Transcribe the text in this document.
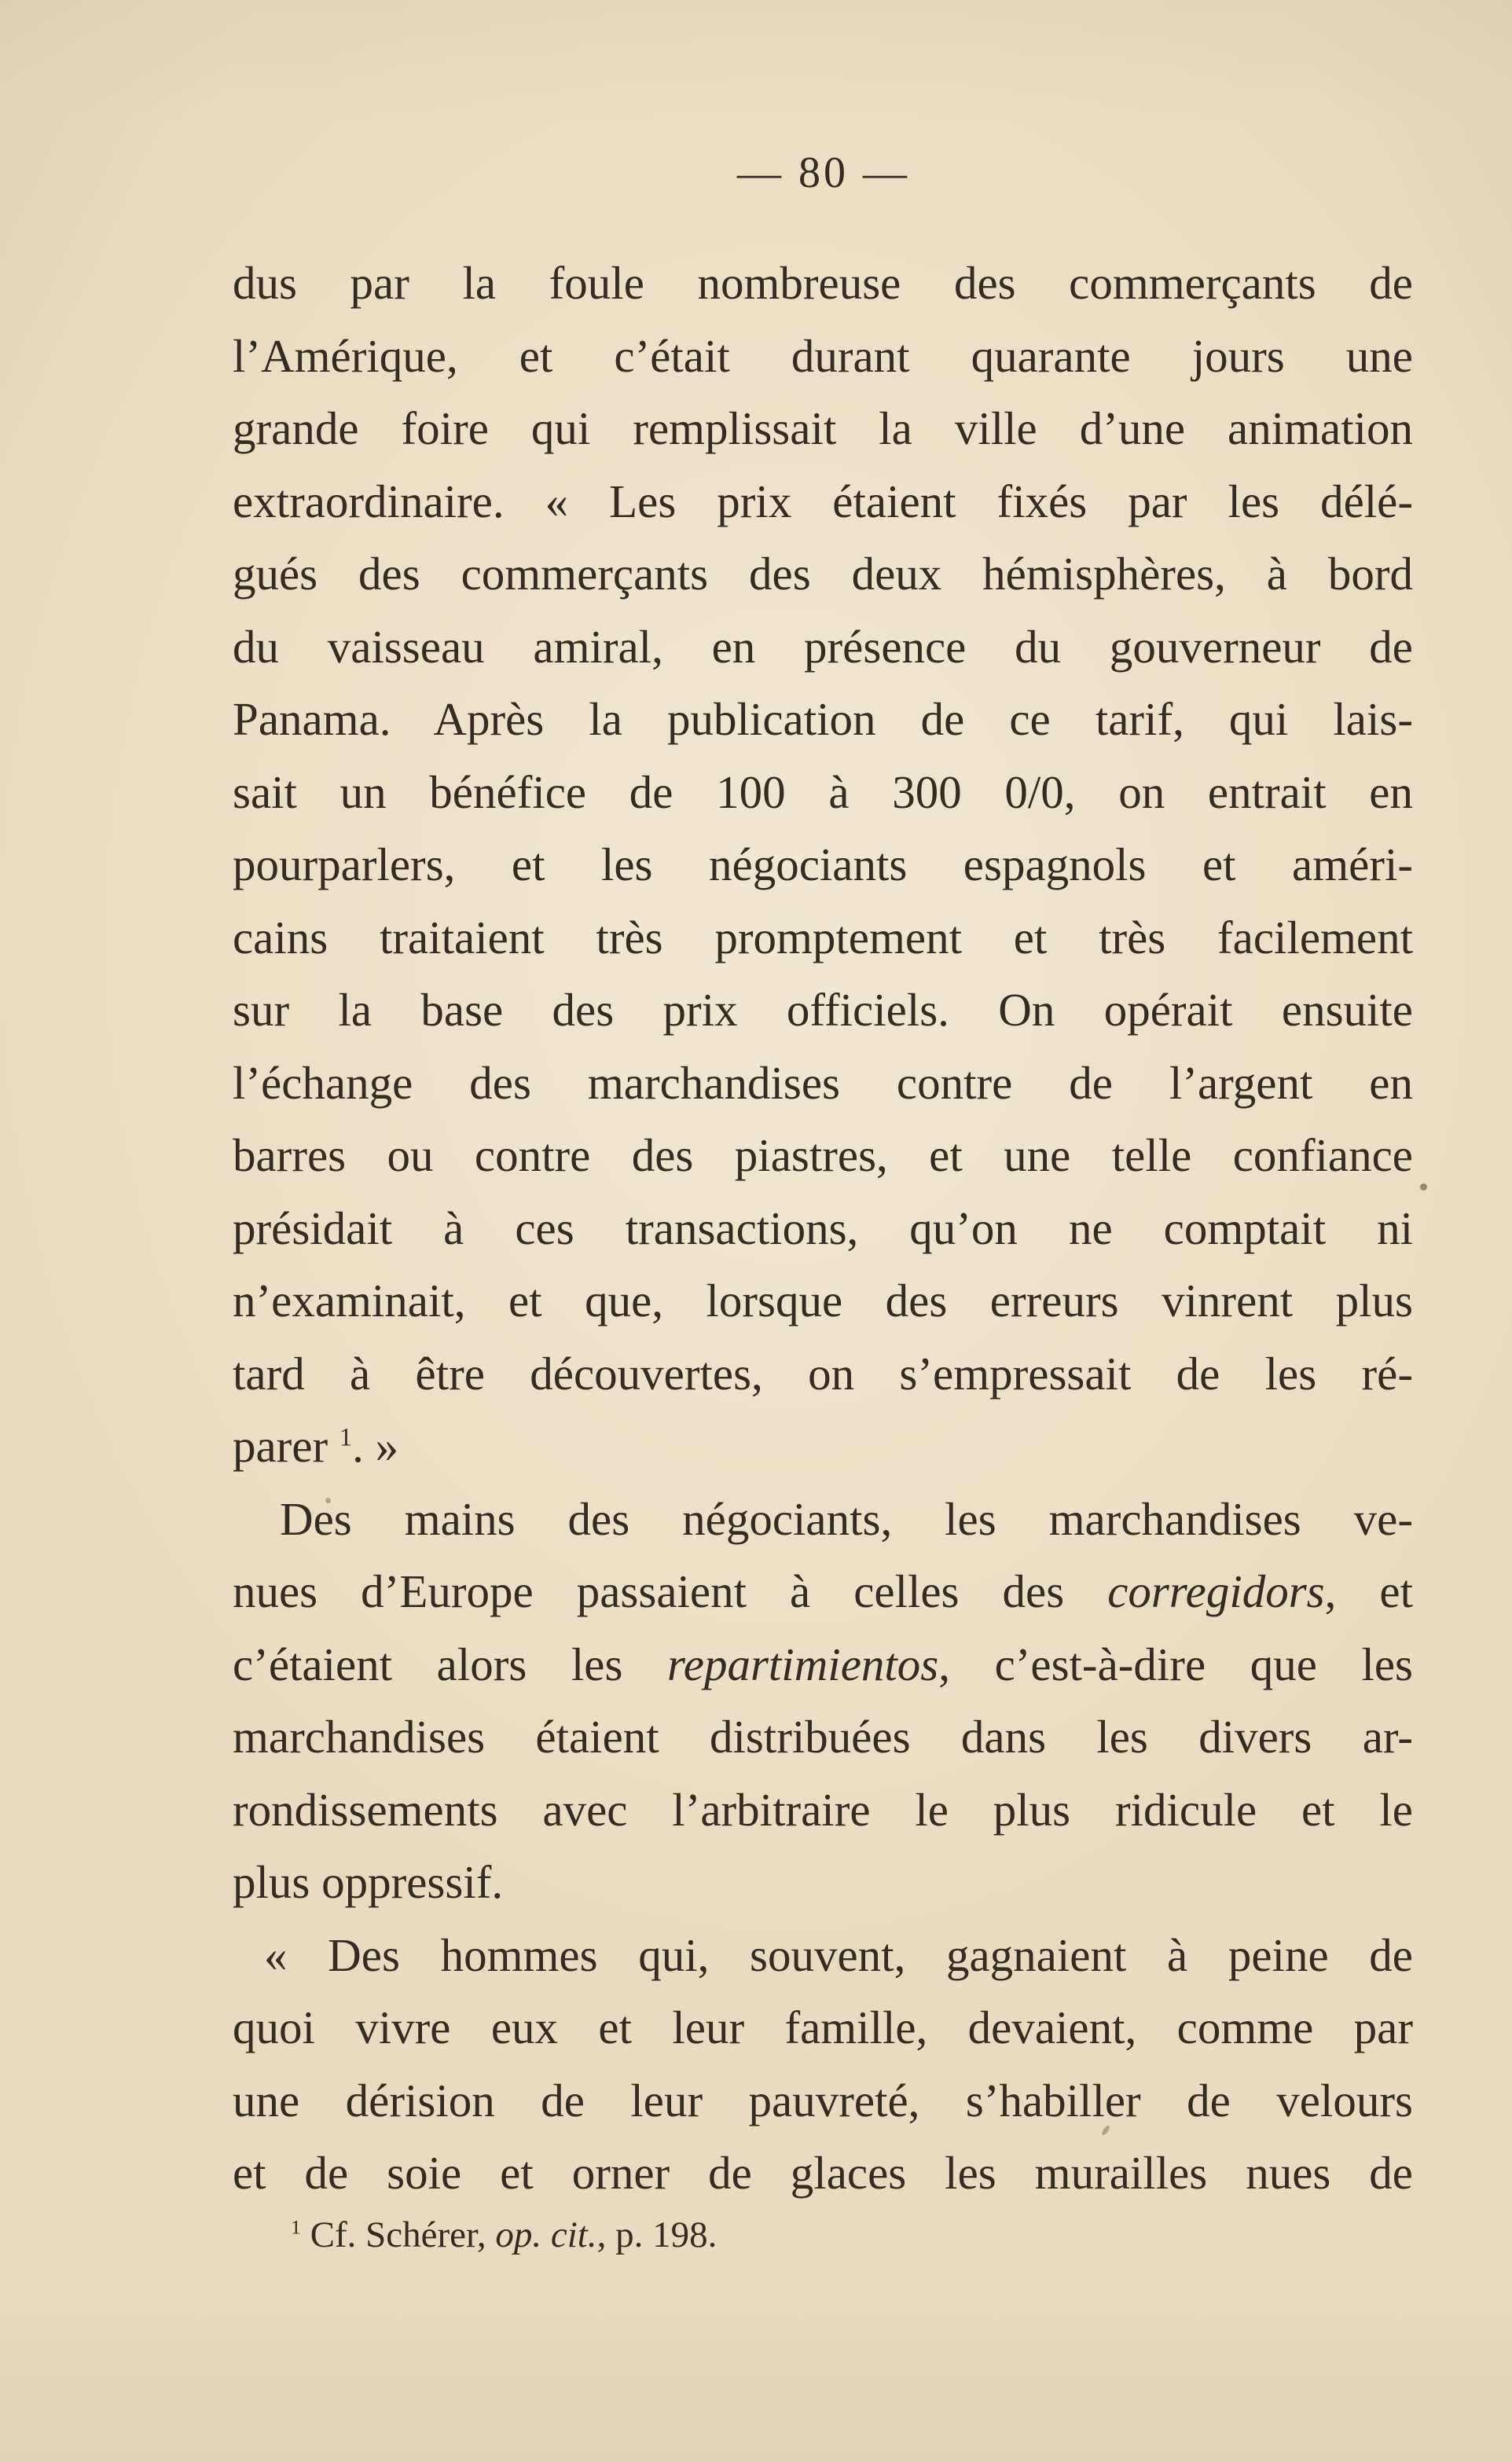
— 80 —
dus par la foule nombreuse des commerçants de
l’Amérique, et c’était durant quarante jours une
grande foire qui remplissait la ville d’une animation
extraordinaire. « Les prix étaient fixés par les délé-
gués des commerçants des deux hémisphères, à bord
du vaisseau amiral, en présence du gouverneur de
Panama. Après la publication de ce tarif, qui lais-
sait un bénéfice de 100 à 300 0/0, on entrait en
pourparlers, et les négociants espagnols et améri-
cains traitaient très promptement et très facilement
sur la base des prix officiels. On opérait ensuite
l’échange des marchandises contre de l’argent en
barres ou contre des piastres, et une telle confiance
présidait à ces transactions, qu’on ne comptait ni
n’examinait, et que, lorsque des erreurs vinrent plus
tard à être découvertes, on s’empressait de les ré-
parer $^1$. »
Des mains des négociants, les marchandises ve-
nues d’Europe passaient à celles des corregidors, et
c’étaient alors les repartimientos, c’est-à-dire que les
marchandises étaient distribuées dans les divers ar-
rondissements avec l’arbitraire le plus ridicule et le
plus oppressif.
« Des hommes qui, souvent, gagnaient à peine de
quoi vivre eux et leur famille, devaient, comme par
une dérision de leur pauvreté, s’habiller de velours
et de soie et orner de glaces les murailles nues de
$^1$ Cf. Schérer, op. cit., p. 198.
